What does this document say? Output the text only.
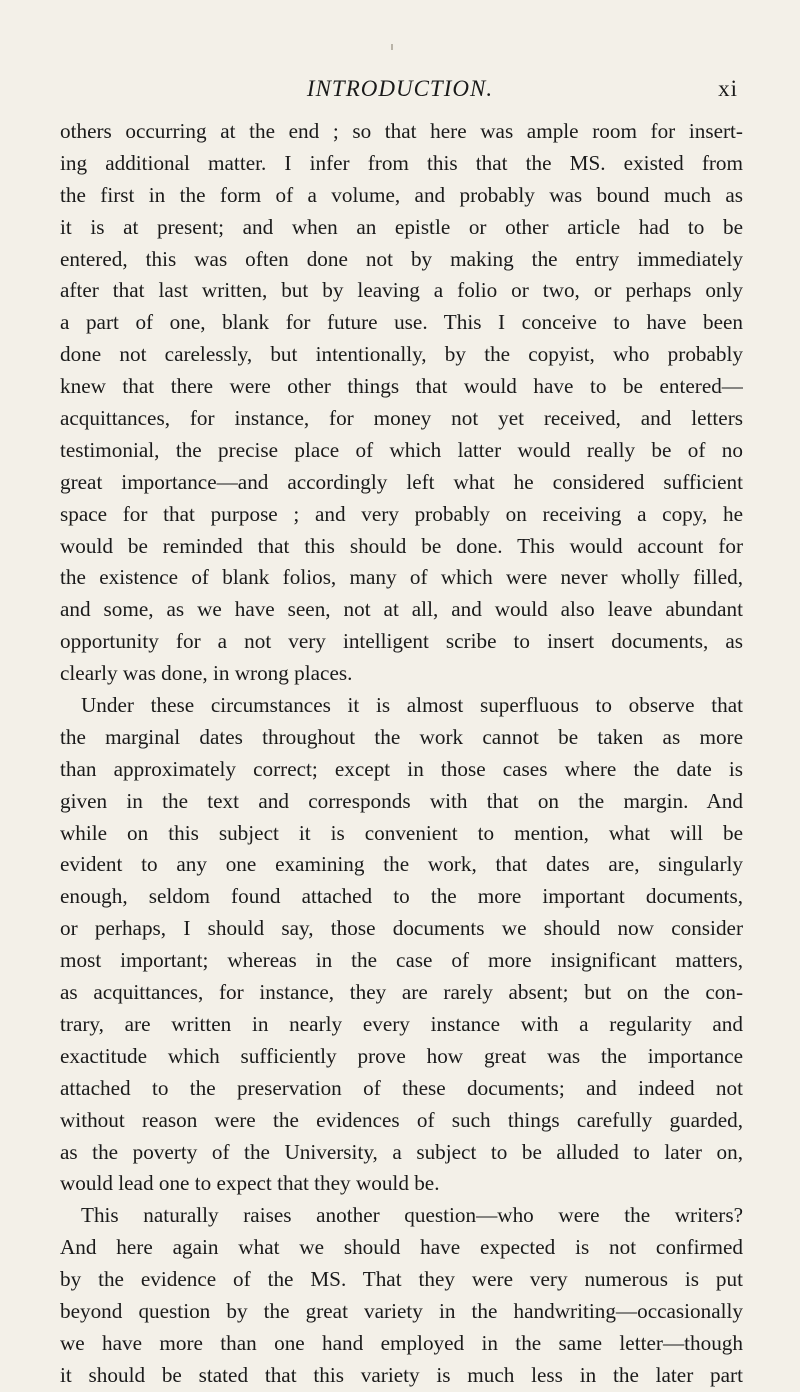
INTRODUCTION.	xi
others occurring at the end ; so that here was ample room for insert-
ing additional matter. I infer from this that the MS. existed from
the first in the form of a volume, and probably was bound much as
it is at present; and when an epistle or other article had to be
entered, this was often done not by making the entry immediately
after that last written, but by leaving a folio or two, or perhaps only
a part of one, blank for future use. This I conceive to have been
done not carelessly, but intentionally, by the copyist, who probably
knew that there were other things that would have to be entered—
acquittances, for instance, for money not yet received, and letters
testimonial, the precise place of which latter would really be of no
great importance—and accordingly left what he considered sufficient
space for that purpose ; and very probably on receiving a copy, he
would be reminded that this should be done. This would account for
the existence of blank folios, many of which were never wholly filled,
and some, as we have seen, not at all, and would also leave abundant
opportunity for a not very intelligent scribe to insert documents, as
clearly was done, in wrong places.
Under these circumstances it is almost superfluous to observe that
the marginal dates throughout the work cannot be taken as more
than approximately correct; except in those cases where the date is
given in the text and corresponds with that on the margin. And
while on this subject it is convenient to mention, what will be
evident to any one examining the work, that dates are, singularly
enough, seldom found attached to the more important documents,
or perhaps, I should say, those documents we should now consider
most important; whereas in the case of more insignificant matters,
as acquittances, for instance, they are rarely absent; but on the con-
trary, are written in nearly every instance with a regularity and
exactitude which sufficiently prove how great was the importance
attached to the preservation of these documents; and indeed not
without reason were the evidences of such things carefully guarded,
as the poverty of the University, a subject to be alluded to later on,
would lead one to expect that they would be.
This naturally raises another question—who were the writers?
And here again what we should have expected is not confirmed
by the evidence of the MS. That they were very numerous is put
beyond question by the great variety in the handwriting—occasionally
we have more than one hand employed in the same letter—though
it should be stated that this variety is much less in the later part
